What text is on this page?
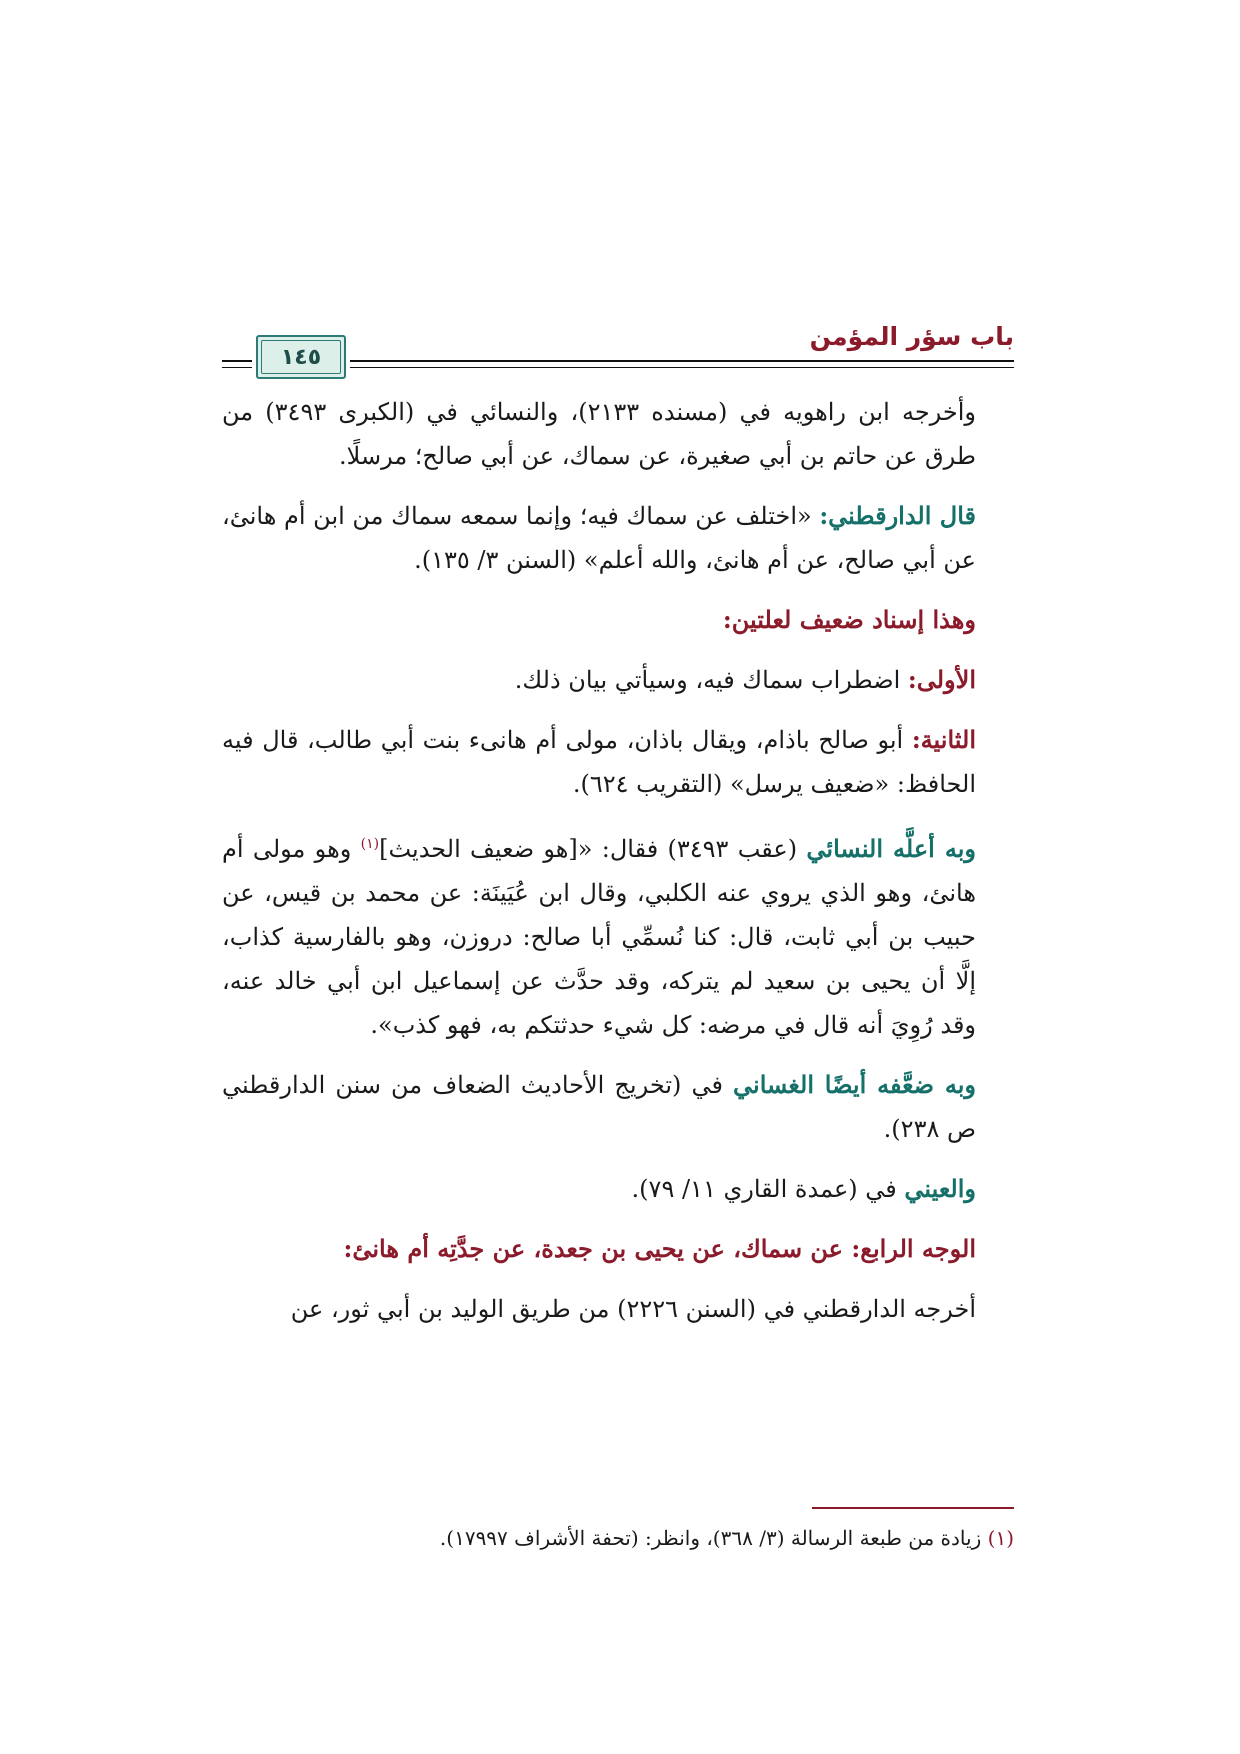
باب سؤر المؤمن
١٤٥

وأخرجه ابن راهويه في (مسنده ٢١٣٣)، والنسائي في (الكبرى ٣٤٩٣) من طرق عن حاتم بن أبي صغيرة، عن سماك، عن أبي صالح؛ مرسلًا.

قال الدارقطني: «اختلف عن سماك فيه؛ وإنما سمعه سماك من ابن أم هانئ، عن أبي صالح، عن أم هانئ، والله أعلم» (السنن ٣/ ١٣٥).

وهذا إسناد ضعيف لعلتين:

الأولى: اضطراب سماك فيه، وسيأتي بيان ذلك.

الثانية: أبو صالح باذام، ويقال باذان، مولى أم هانىء بنت أبي طالب، قال فيه الحافظ: «ضعيف يرسل» (التقريب ٦٢٤).

وبه أعلَّه النسائي (عقب ٣٤٩٣) فقال: «[هو ضعيف الحديث]$^{(١)}$ وهو مولى أم هانئ، وهو الذي يروي عنه الكلبي، وقال ابن عُيَينَة: عن محمد بن قيس، عن حبيب بن أبي ثابت، قال: كنا نُسمِّي أبا صالح: دروزن، وهو بالفارسية كذاب، إلَّا أن يحيى بن سعيد لم يتركه، وقد حدَّث عن إسماعيل ابن أبي خالد عنه، وقد رُوِيَ أنه قال في مرضه: كل شيء حدثتكم به، فهو كذب».

وبه ضعَّفه أيضًا الغساني في (تخريج الأحاديث الضعاف من سنن الدارقطني ص ٢٣٨).

والعيني في (عمدة القاري ١١/ ٧٩).

الوجه الرابع: عن سماك، عن يحيى بن جعدة، عن جدَّتِه أم هانئ:

أخرجه الدارقطني في (السنن ٢٢٢٦) من طريق الوليد بن أبي ثور، عن

(١) زيادة من طبعة الرسالة (٣/ ٣٦٨)، وانظر: (تحفة الأشراف ١٧٩٩٧).
